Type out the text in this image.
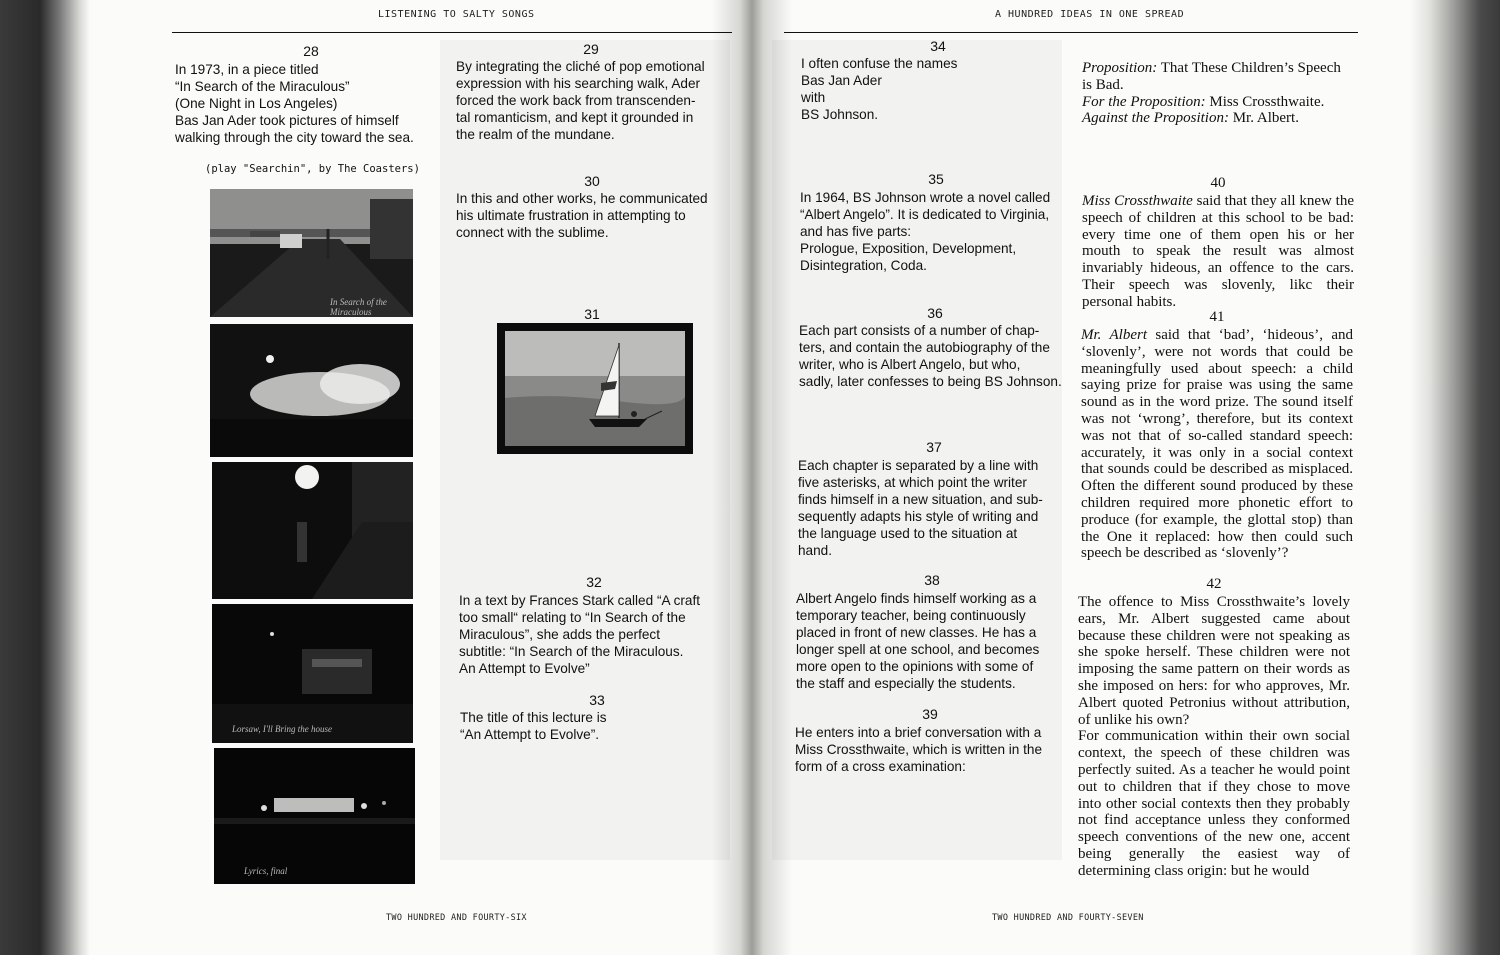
LISTENING TO SALTY SONGS
28
In 1973, in a piece titled
“In Search of the Miraculous”
(One Night in Los Angeles)
Bas Jan Ader took pictures of himself
walking through the city toward the sea.
(play "Searchin", by The Coasters)
29
By integrating the cliché of pop emotional
expression with his searching walk, Ader
forced the work back from transcenden-
tal romanticism, and kept it grounded in
the realm of the mundane.
30
In this and other works, he communicated
his ultimate frustration in attempting to
connect with the sublime.
31
32
In a text by Frances Stark called “A craft
too small“ relating to “In Search of the
Miraculous”, she adds the perfect
subtitle: “In Search of the Miraculous.
An Attempt to Evolve”
33
The title of this lecture is
“An Attempt to Evolve”.
In Search of the Miraculous
Lorsaw, I'll Bring the house
Lyrics, final
TWO HUNDRED AND FOURTY-SIX
A HUNDRED IDEAS IN ONE SPREAD
34
I often confuse the names
Bas Jan Ader
with
BS Johnson.
35
In 1964, BS Johnson wrote a novel called
“Albert Angelo”. It is dedicated to Virginia,
and has five parts:
Prologue, Exposition, Development,
Disintegration, Coda.
36
Each part consists of a number of chap-
ters, and contain the autobiography of the
writer, who is Albert Angelo, but who,
sadly, later confesses to being BS Johnson.
37
Each chapter is separated by a line with
five asterisks, at which point the writer
finds himself in a new situation, and sub-
sequently adapts his style of writing and
the language used to the situation at
hand.
38
Albert Angelo finds himself working as a
temporary teacher, being continuously
placed in front of new classes. He has a
longer spell at one school, and becomes
more open to the opinions with some of
the staff and especially the students.
39
He enters into a brief conversation with a
Miss Crossthwaite, which is written in the
form of a cross examination:
Proposition: That These Children’s Speech is Bad.
For the Proposition: Miss Crossthwaite.
Against the Proposition: Mr. Albert.
40
Miss Crossthwaite said that they all knew the speech of children at this school to be bad: every time one of them open his or her mouth to speak the result was almost invariably hideous, an offence to the cars. Their speech was slovenly, likc their personal habits.
41
Mr. Albert said that ‘bad’, ‘hideous’, and ‘slovenly’, were not words that could be meaningfully used about speech: a child saying prize for praise was using the same sound as in the word prize. The sound itself was not ‘wrong’, therefore, but its context was not that of so-called standard speech: accurately, it was only in a social context that sounds could be described as misplaced. Often the different sound produced by these children required more phonetic effort to produce (for example, the glottal stop) than the One it replaced: how then could such speech be described as ‘slovenly’?
42
The offence to Miss Crossthwaite’s lovely ears, Mr. Albert suggested came about because these children were not speaking as she spoke herself. These children were not imposing the same pattern on their words as she imposed on hers: for who approves, Mr. Albert quoted Petronius without attribution, of unlike his own?
For communication within their own social context, the speech of these children was perfectly suited. As a teacher he would point out to children that if they chose to move into other social contexts then they probably not find acceptance unless they conformed speech conventions of the new one, accent being generally the easiest way of determining class origin: but he would
TWO HUNDRED AND FOURTY-SEVEN
